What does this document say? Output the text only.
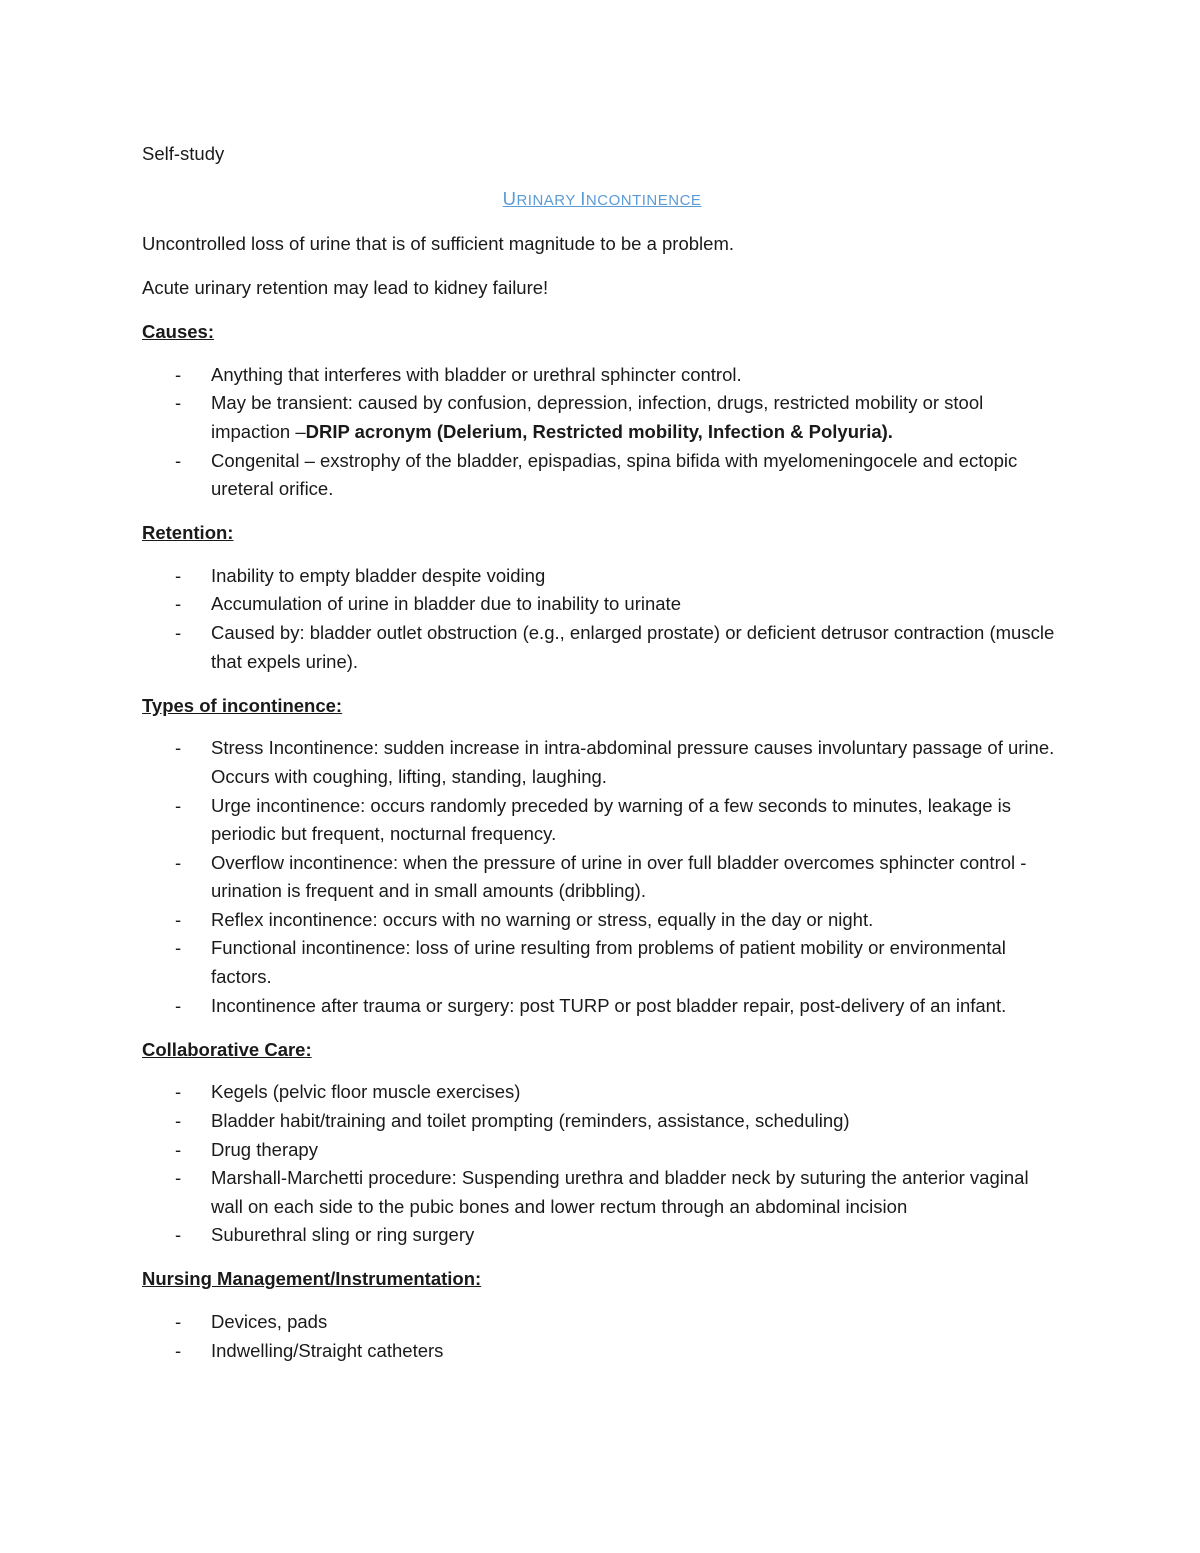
Self-study

URINARY INCONTINENCE

Uncontrolled loss of urine that is of sufficient magnitude to be a problem.

Acute urinary retention may lead to kidney failure!

Causes:
- Anything that interferes with bladder or urethral sphincter control.
- May be transient: caused by confusion, depression, infection, drugs, restricted mobility or stool impaction –DRIP acronym (Delerium, Restricted mobility, Infection & Polyuria).
- Congenital – exstrophy of the bladder, epispadias, spina bifida with myelomeningocele and ectopic ureteral orifice.
Retention:
- Inability to empty bladder despite voiding
- Accumulation of urine in bladder due to inability to urinate
- Caused by: bladder outlet obstruction (e.g., enlarged prostate) or deficient detrusor contraction (muscle that expels urine).
Types of incontinence:
- Stress Incontinence: sudden increase in intra-abdominal pressure causes involuntary passage of urine. Occurs with coughing, lifting, standing, laughing.
- Urge incontinence: occurs randomly preceded by warning of a few seconds to minutes, leakage is periodic but frequent, nocturnal frequency.
- Overflow incontinence: when the pressure of urine in over full bladder overcomes sphincter control - urination is frequent and in small amounts (dribbling).
- Reflex incontinence: occurs with no warning or stress, equally in the day or night.
- Functional incontinence: loss of urine resulting from problems of patient mobility or environmental factors.
- Incontinence after trauma or surgery: post TURP or post bladder repair, post-delivery of an infant.
Collaborative Care:
- Kegels (pelvic floor muscle exercises)
- Bladder habit/training and toilet prompting (reminders, assistance, scheduling)
- Drug therapy
- Marshall-Marchetti procedure: Suspending urethra and bladder neck by suturing the anterior vaginal wall on each side to the pubic bones and lower rectum through an abdominal incision
- Suburethral sling or ring surgery
Nursing Management/Instrumentation:
- Devices, pads
- Indwelling/Straight catheters
